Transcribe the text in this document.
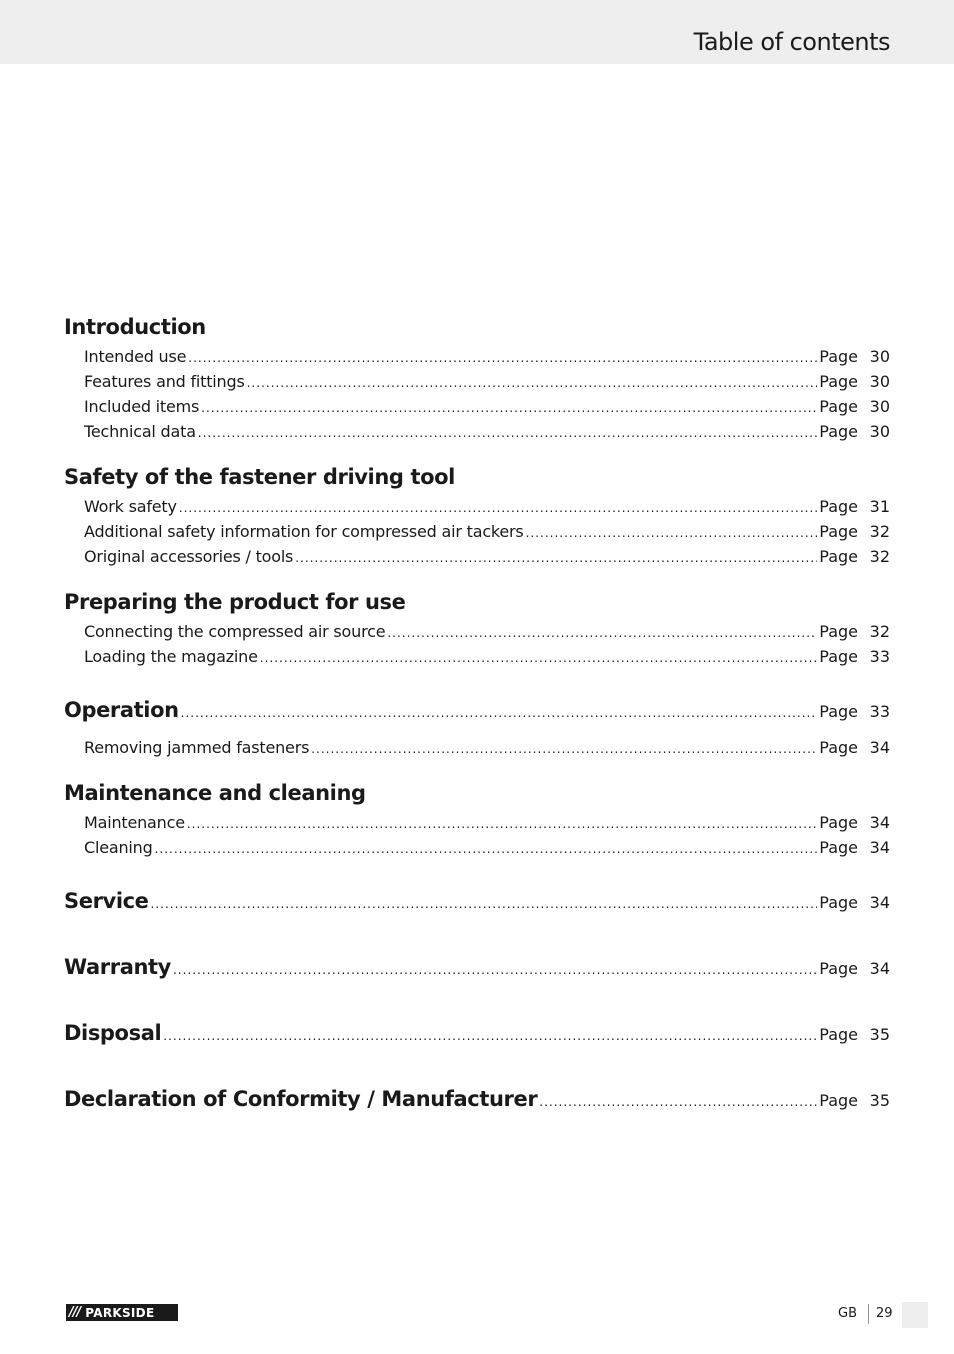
Table of contents
Introduction
Intended use .....	Page 30
Features and fittings .....	Page 30
Included items .....	Page 30
Technical data .....	Page 30
Safety of the fastener driving tool
Work safety .....	Page 31
Additional safety information for compressed air tackers .....	Page 32
Original accessories / tools .....	Page 32
Preparing the product for use
Connecting the compressed air source .....	Page 32
Loading the magazine .....	Page 33
Operation .....	Page 33
Removing jammed fasteners .....	Page 34
Maintenance and cleaning
Maintenance .....	Page 34
Cleaning .....	Page 34
Service .....	Page 34
Warranty .....	Page 34
Disposal .....	Page 35
Declaration of Conformity / Manufacturer .....	Page 35
/// PARKSIDE	GB 29
